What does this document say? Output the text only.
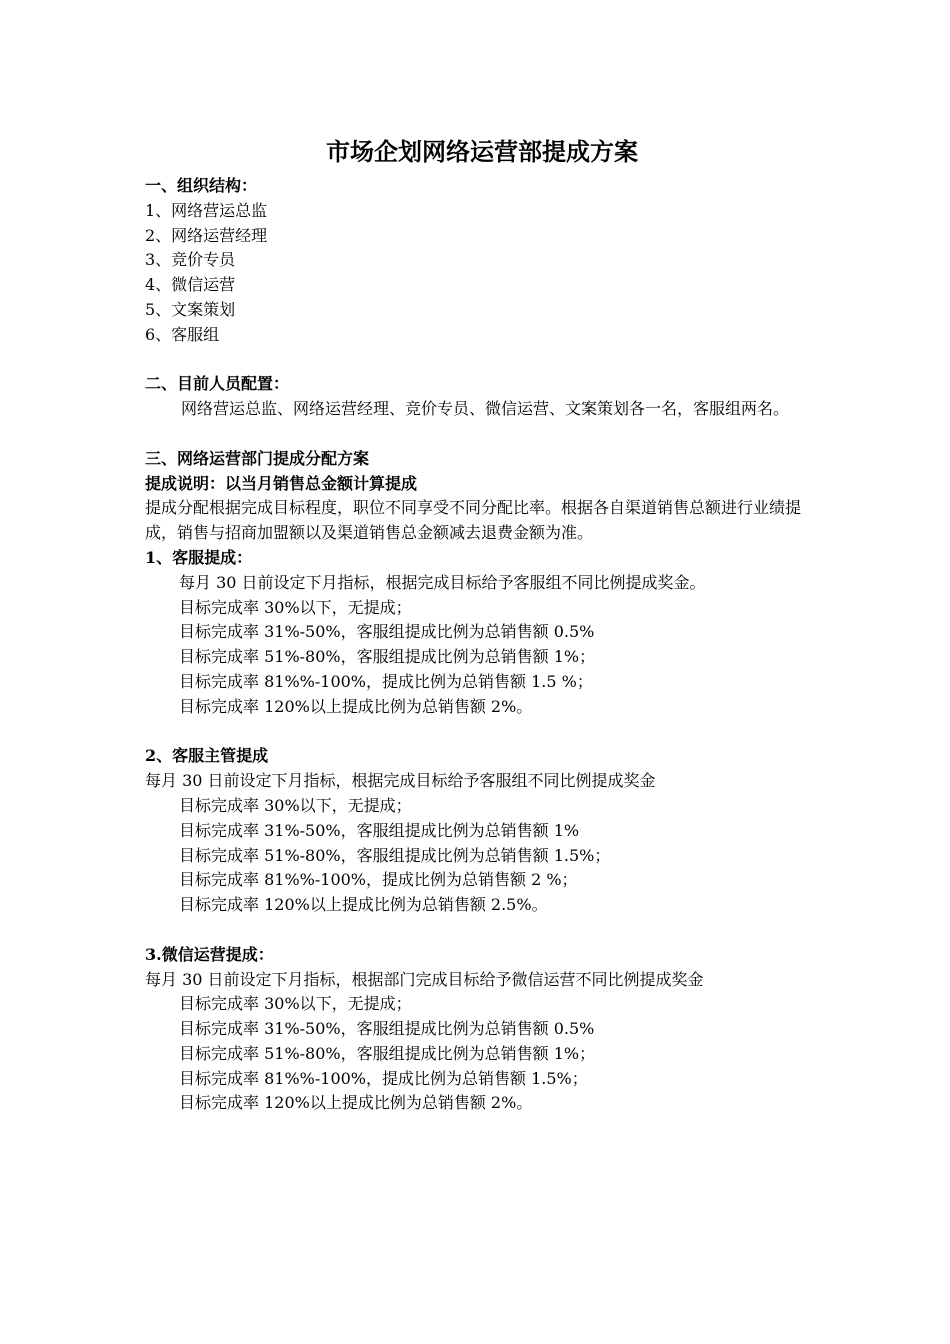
市场企划网络运营部提成方案
一、组织结构：
1、网络营运总监
2、网络运营经理
3、竞价专员
4、微信运营
5、文案策划
6、客服组
二、目前人员配置：
网络营运总监、网络运营经理、竞价专员、微信运营、文案策划各一名，客服组两名。
三、网络运营部门提成分配方案
提成说明：以当月销售总金额计算提成
提成分配根据完成目标程度，职位不同享受不同分配比率。根据各自渠道销售总额进行业绩提成，销售与招商加盟额以及渠道销售总金额减去退费金额为准。
1、客服提成：
每月 30 日前设定下月指标，根据完成目标给予客服组不同比例提成奖金。
目标完成率 30%以下，无提成；
目标完成率 31%-50%，客服组提成比例为总销售额 0.5%
目标完成率 51%-80%，客服组提成比例为总销售额 1%；
目标完成率 81%%-100%，提成比例为总销售额 1.5 %；
目标完成率 120%以上提成比例为总销售额 2%。
2、客服主管提成
每月 30 日前设定下月指标，根据完成目标给予客服组不同比例提成奖金
目标完成率 30%以下，无提成；
目标完成率 31%-50%，客服组提成比例为总销售额 1%
目标完成率 51%-80%，客服组提成比例为总销售额 1.5%；
目标完成率 81%%-100%，提成比例为总销售额 2 %；
目标完成率 120%以上提成比例为总销售额 2.5%。
3.微信运营提成：
每月 30 日前设定下月指标，根据部门完成目标给予微信运营不同比例提成奖金
目标完成率 30%以下，无提成；
目标完成率 31%-50%，客服组提成比例为总销售额 0.5%
目标完成率 51%-80%，客服组提成比例为总销售额 1%；
目标完成率 81%%-100%，提成比例为总销售额 1.5%；
目标完成率 120%以上提成比例为总销售额 2%。
